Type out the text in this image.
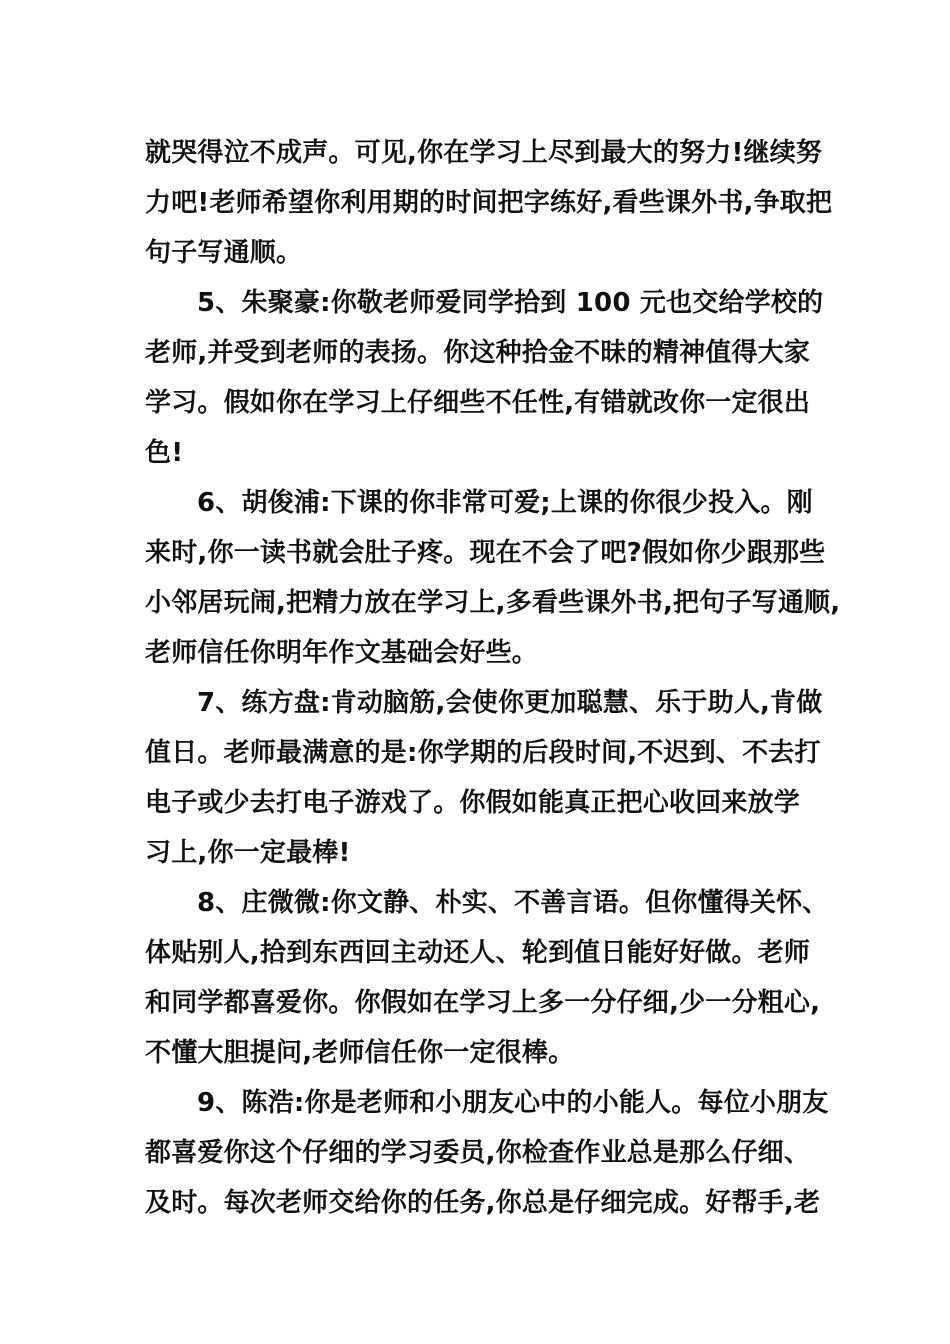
就哭得泣不成声。可见,你在学习上尽到最大的努力!继续努
力吧!老师希望你利用期的时间把字练好,看些课外书,争取把
句子写通顺。
5、朱聚豪:你敬老师爱同学拾到 100 元也交给学校的
老师,并受到老师的表扬。你这种拾金不昧的精神值得大家
学习。假如你在学习上仔细些不任性,有错就改你一定很出
色!
6、胡俊浦:下课的你非常可爱;上课的你很少投入。刚
来时,你一读书就会肚子疼。现在不会了吧?假如你少跟那些
小邻居玩闹,把精力放在学习上,多看些课外书,把句子写通顺,
老师信任你明年作文基础会好些。
7、练方盘:肯动脑筋,会使你更加聪慧、乐于助人,肯做
值日。老师最满意的是:你学期的后段时间,不迟到、不去打
电子或少去打电子游戏了。你假如能真正把心收回来放学
习上,你一定最棒!
8、庄微微:你文静、朴实、不善言语。但你懂得关怀、
体贴别人,拾到东西回主动还人、轮到值日能好好做。老师
和同学都喜爱你。你假如在学习上多一分仔细,少一分粗心,
不懂大胆提问,老师信任你一定很棒。
9、陈浩:你是老师和小朋友心中的小能人。每位小朋友
都喜爱你这个仔细的学习委员,你检查作业总是那么仔细、
及时。每次老师交给你的任务,你总是仔细完成。好帮手,老
